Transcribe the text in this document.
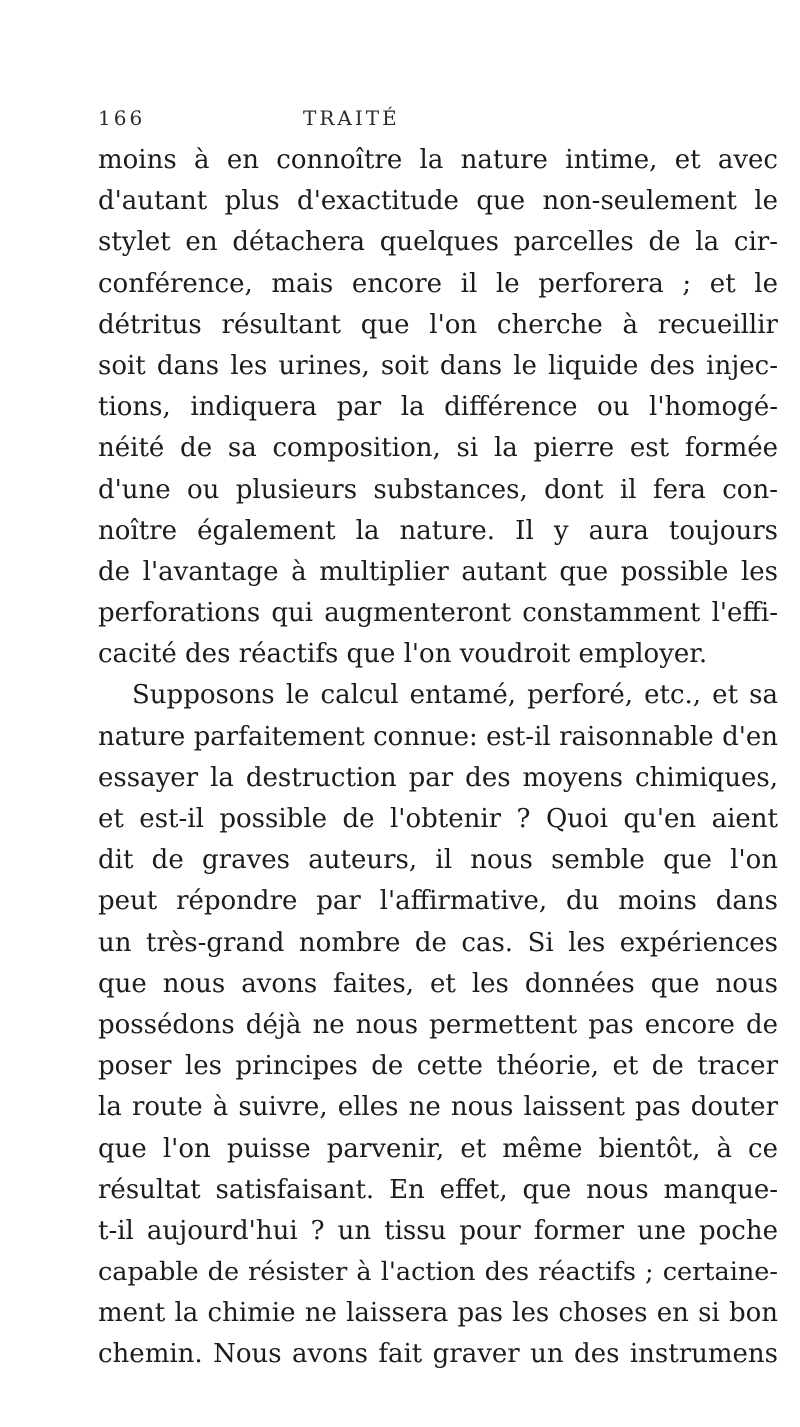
166	TRAITÉ
moins à en connoître la nature intime, et avec
d'autant plus d'exactitude que non-seulement le
stylet en détachera quelques parcelles de la cir-
conférence, mais encore il le perforera ; et le
détritus résultant que l'on cherche à recueillir
soit dans les urines, soit dans le liquide des injec-
tions, indiquera par la différence ou l'homogé-
néité de sa composition, si la pierre est formée
d'une ou plusieurs substances, dont il fera con-
noître également la nature. Il y aura toujours
de l'avantage à multiplier autant que possible les
perforations qui augmenteront constamment l'effi-
cacité des réactifs que l'on voudroit employer.
Supposons le calcul entamé, perforé, etc., et sa
nature parfaitement connue: est-il raisonnable d'en
essayer la destruction par des moyens chimiques,
et est-il possible de l'obtenir ? Quoi qu'en aient
dit de graves auteurs, il nous semble que l'on
peut répondre par l'affirmative, du moins dans
un très-grand nombre de cas. Si les expériences
que nous avons faites, et les données que nous
possédons déjà ne nous permettent pas encore de
poser les principes de cette théorie, et de tracer
la route à suivre, elles ne nous laissent pas douter
que l'on puisse parvenir, et même bientôt, à ce
résultat satisfaisant. En effet, que nous manque-
t-il aujourd'hui ? un tissu pour former une poche
capable de résister à l'action des réactifs ; certaine-
ment la chimie ne laissera pas les choses en si bon
chemin. Nous avons fait graver un des instrumens
